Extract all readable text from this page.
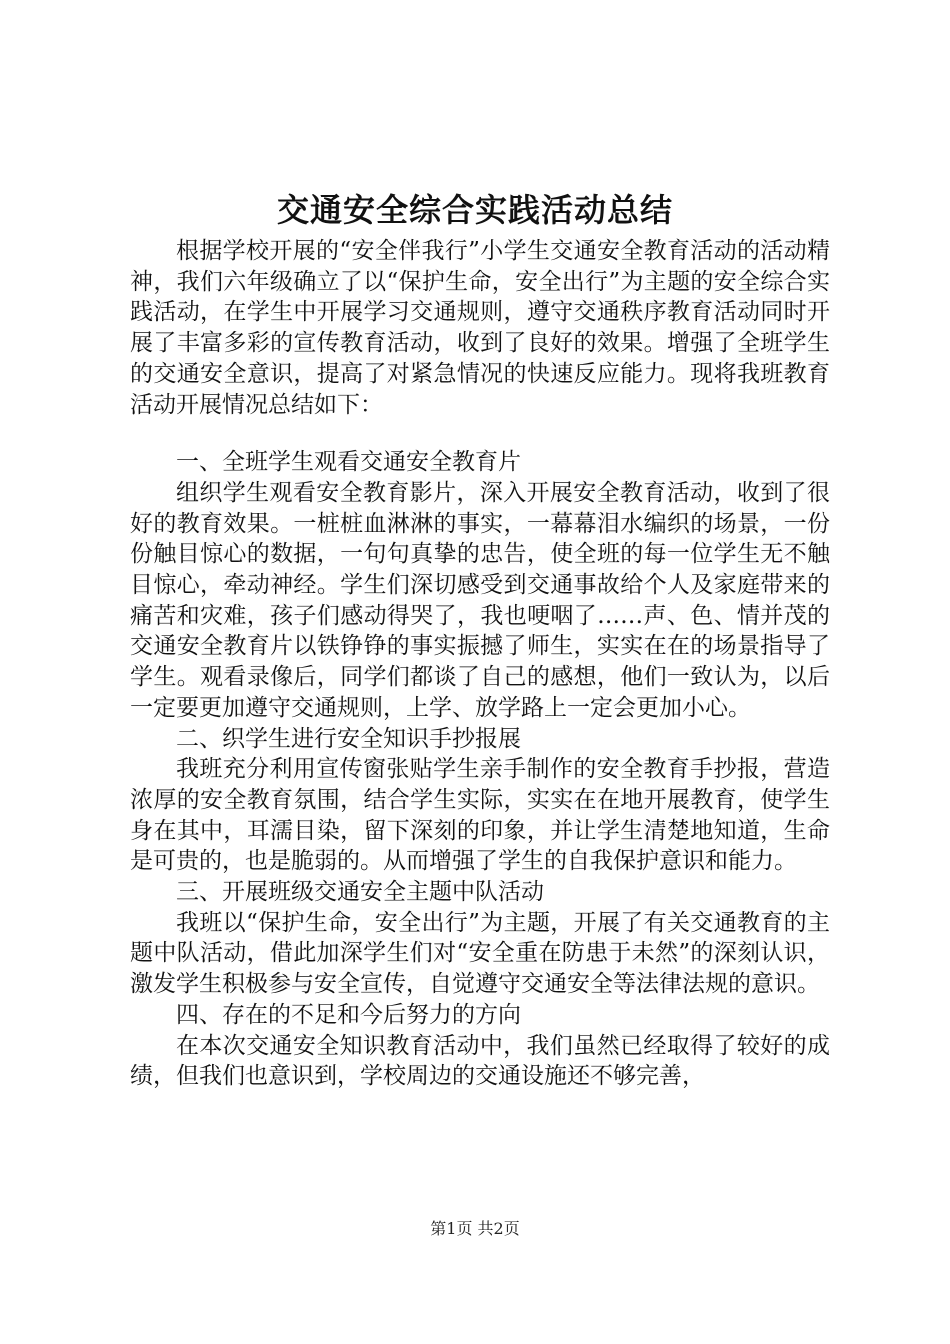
交通安全综合实践活动总结

根据学校开展的“安全伴我行”小学生交通安全教育活动的活动精神，我们六年级确立了以“保护生命，安全出行”为主题的安全综合实践活动，在学生中开展学习交通规则，遵守交通秩序教育活动同时开展了丰富多彩的宣传教育活动，收到了良好的效果。增强了全班学生的交通安全意识，提高了对紧急情况的快速反应能力。现将我班教育活动开展情况总结如下：

一、全班学生观看交通安全教育片

组织学生观看安全教育影片，深入开展安全教育活动，收到了很好的教育效果。一桩桩血淋淋的事实，一幕幕泪水编织的场景，一份份触目惊心的数据，一句句真挚的忠告，使全班的每一位学生无不触目惊心，牵动神经。学生们深切感受到交通事故给个人及家庭带来的痛苦和灾难，孩子们感动得哭了，我也哽咽了……声、色、情并茂的交通安全教育片以铁铮铮的事实振撼了师生，实实在在的场景指导了学生。观看录像后，同学们都谈了自己的感想，他们一致认为，以后一定要更加遵守交通规则，上学、放学路上一定会更加小心。

二、织学生进行安全知识手抄报展

我班充分利用宣传窗张贴学生亲手制作的安全教育手抄报，营造浓厚的安全教育氛围，结合学生实际，实实在在地开展教育，使学生身在其中，耳濡目染，留下深刻的印象，并让学生清楚地知道，生命是可贵的，也是脆弱的。从而增强了学生的自我保护意识和能力。

三、开展班级交通安全主题中队活动

我班以“保护生命，安全出行”为主题，开展了有关交通教育的主题中队活动，借此加深学生们对“安全重在防患于未然”的深刻认识，激发学生积极参与安全宣传，自觉遵守交通安全等法律法规的意识。

四、存在的不足和今后努力的方向

在本次交通安全知识教育活动中，我们虽然已经取得了较好的成绩，但我们也意识到，学校周边的交通设施还不够完善，

第1页 共2页
